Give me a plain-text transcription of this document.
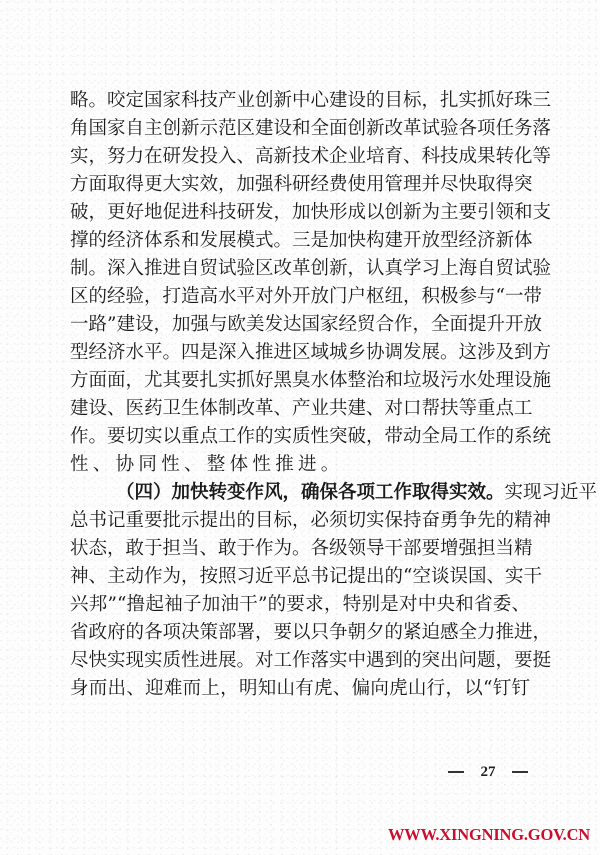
略。咬定国家科技产业创新中心建设的目标，扎实抓好珠三
角国家自主创新示范区建设和全面创新改革试验各项任务落
实，努力在研发投入、高新技术企业培育、科技成果转化等
方面取得更大实效，加强科研经费使用管理并尽快取得突
破，更好地促进科技研发，加快形成以创新为主要引领和支
撑的经济体系和发展模式。三是加快构建开放型经济新体
制。深入推进自贸试验区改革创新，认真学习上海自贸试验
区的经验，打造高水平对外开放门户枢纽，积极参与“一带
一路”建设，加强与欧美发达国家经贸合作，全面提升开放
型经济水平。四是深入推进区域城乡协调发展。这涉及到方
方面面，尤其要扎实抓好黑臭水体整治和垃圾污水处理设施
建设、医药卫生体制改革、产业共建、对口帮扶等重点工
作。要切实以重点工作的实质性突破，带动全局工作的系统
性、协同性、整体性推进。
（四）加快转变作风，确保各项工作取得实效。实现习近平
总书记重要批示提出的目标，必须切实保持奋勇争先的精神
状态，敢于担当、敢于作为。各级领导干部要增强担当精
神、主动作为，按照习近平总书记提出的“空谈误国、实干
兴邦”“撸起袖子加油干”的要求，特别是对中央和省委、
省政府的各项决策部署，要以只争朝夕的紧迫感全力推进，
尽快实现实质性进展。对工作落实中遇到的突出问题，要挺
身而出、迎难而上，明知山有虎、偏向虎山行，以“钉钉
27
WWW.XINGNING.GOV.CN
